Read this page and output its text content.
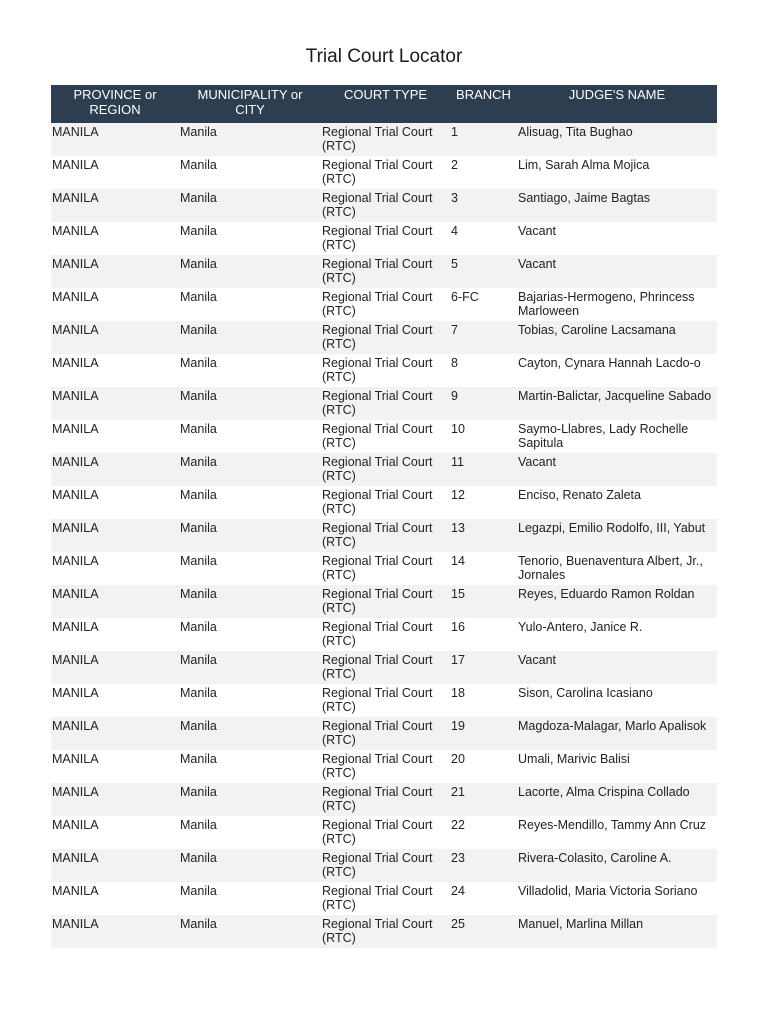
Trial Court Locator
PROVINCE or REGION	MUNICIPALITY or CITY	COURT TYPE	BRANCH	JUDGE'S NAME
MANILA	Manila	Regional Trial Court (RTC)	1	Alisuag, Tita Bughao
MANILA	Manila	Regional Trial Court (RTC)	2	Lim, Sarah Alma Mojica
MANILA	Manila	Regional Trial Court (RTC)	3	Santiago, Jaime Bagtas
MANILA	Manila	Regional Trial Court (RTC)	4	Vacant
MANILA	Manila	Regional Trial Court (RTC)	5	Vacant
MANILA	Manila	Regional Trial Court (RTC)	6-FC	Bajarias-Hermogeno, Phrincess Marloween
MANILA	Manila	Regional Trial Court (RTC)	7	Tobias, Caroline Lacsamana
MANILA	Manila	Regional Trial Court (RTC)	8	Cayton, Cynara Hannah Lacdo-o
MANILA	Manila	Regional Trial Court (RTC)	9	Martin-Balictar, Jacqueline Sabado
MANILA	Manila	Regional Trial Court (RTC)	10	Saymo-Llabres, Lady Rochelle Sapitula
MANILA	Manila	Regional Trial Court (RTC)	11	Vacant
MANILA	Manila	Regional Trial Court (RTC)	12	Enciso, Renato Zaleta
MANILA	Manila	Regional Trial Court (RTC)	13	Legazpi, Emilio Rodolfo, III, Yabut
MANILA	Manila	Regional Trial Court (RTC)	14	Tenorio, Buenaventura Albert, Jr., Jornales
MANILA	Manila	Regional Trial Court (RTC)	15	Reyes, Eduardo Ramon Roldan
MANILA	Manila	Regional Trial Court (RTC)	16	Yulo-Antero, Janice R.
MANILA	Manila	Regional Trial Court (RTC)	17	Vacant
MANILA	Manila	Regional Trial Court (RTC)	18	Sison, Carolina Icasiano
MANILA	Manila	Regional Trial Court (RTC)	19	Magdoza-Malagar, Marlo Apalisok
MANILA	Manila	Regional Trial Court (RTC)	20	Umali, Marivic Balisi
MANILA	Manila	Regional Trial Court (RTC)	21	Lacorte, Alma Crispina Collado
MANILA	Manila	Regional Trial Court (RTC)	22	Reyes-Mendillo, Tammy Ann Cruz
MANILA	Manila	Regional Trial Court (RTC)	23	Rivera-Colasito, Caroline A.
MANILA	Manila	Regional Trial Court (RTC)	24	Villadolid, Maria Victoria Soriano
MANILA	Manila	Regional Trial Court (RTC)	25	Manuel, Marlina Millan
